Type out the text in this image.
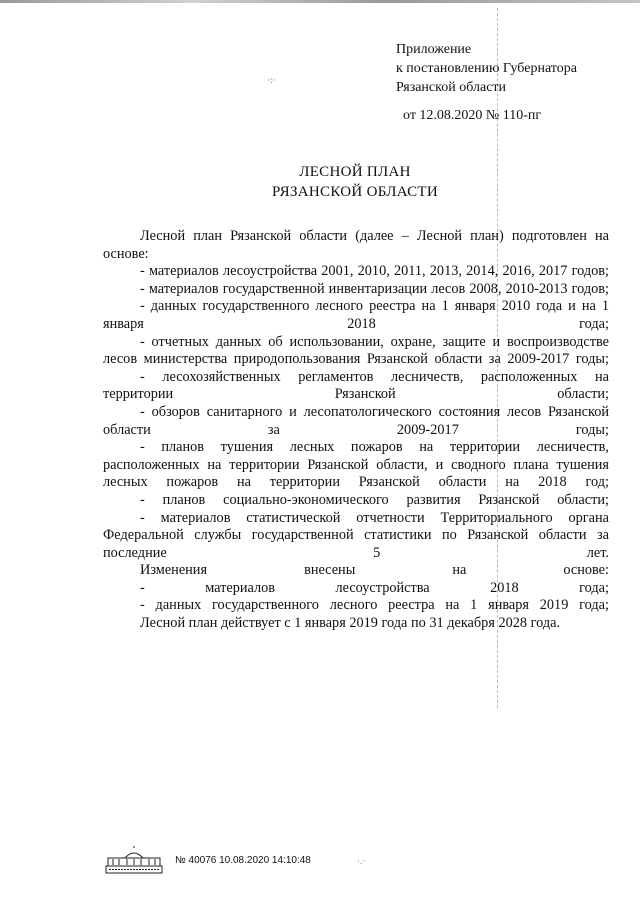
Приложение
к постановлению Губернатора
Рязанской области
от 12.08.2020 № 110-пг
·:·
ЛЕСНОЙ ПЛАН
РЯЗАНСКОЙ ОБЛАСТИ

Лесной план Рязанской области (далее – Лесной план) подготовлен на основе:

- материалов лесоустройства 2001, 2010, 2011, 2013, 2014, 2016, 2017 годов;

- материалов государственной инвентаризации лесов 2008, 2010-2013 годов;

- данных государственного лесного реестра на 1 января 2010 года и на 1 января 2018 года;

- отчетных данных об использовании, охране, защите и воспроизводстве лесов министерства природопользования Рязанской области за 2009-2017 годы;

- лесохозяйственных регламентов лесничеств, расположенных на территории Рязанской области;

- обзоров санитарного и лесопатологического состояния лесов Рязанской области за 2009-2017 годы;

- планов тушения лесных пожаров на территории лесничеств, расположенных на территории Рязанской области, и сводного плана тушения лесных пожаров на территории Рязанской области на 2018 год;

- планов социально-экономического развития Рязанской области;

- материалов статистической отчетности Территориального органа Федеральной службы государственной статистики по Рязанской области за последние 5 лет.

Изменения внесены на основе:

- материалов лесоустройства 2018 года;

- данных государственного лесного реестра на 1 января 2019 года;

Лесной план действует с 1 января 2019 года по 31 декабря 2028 года.

№ 40076 10.08.2020 14:10:48	·.·
